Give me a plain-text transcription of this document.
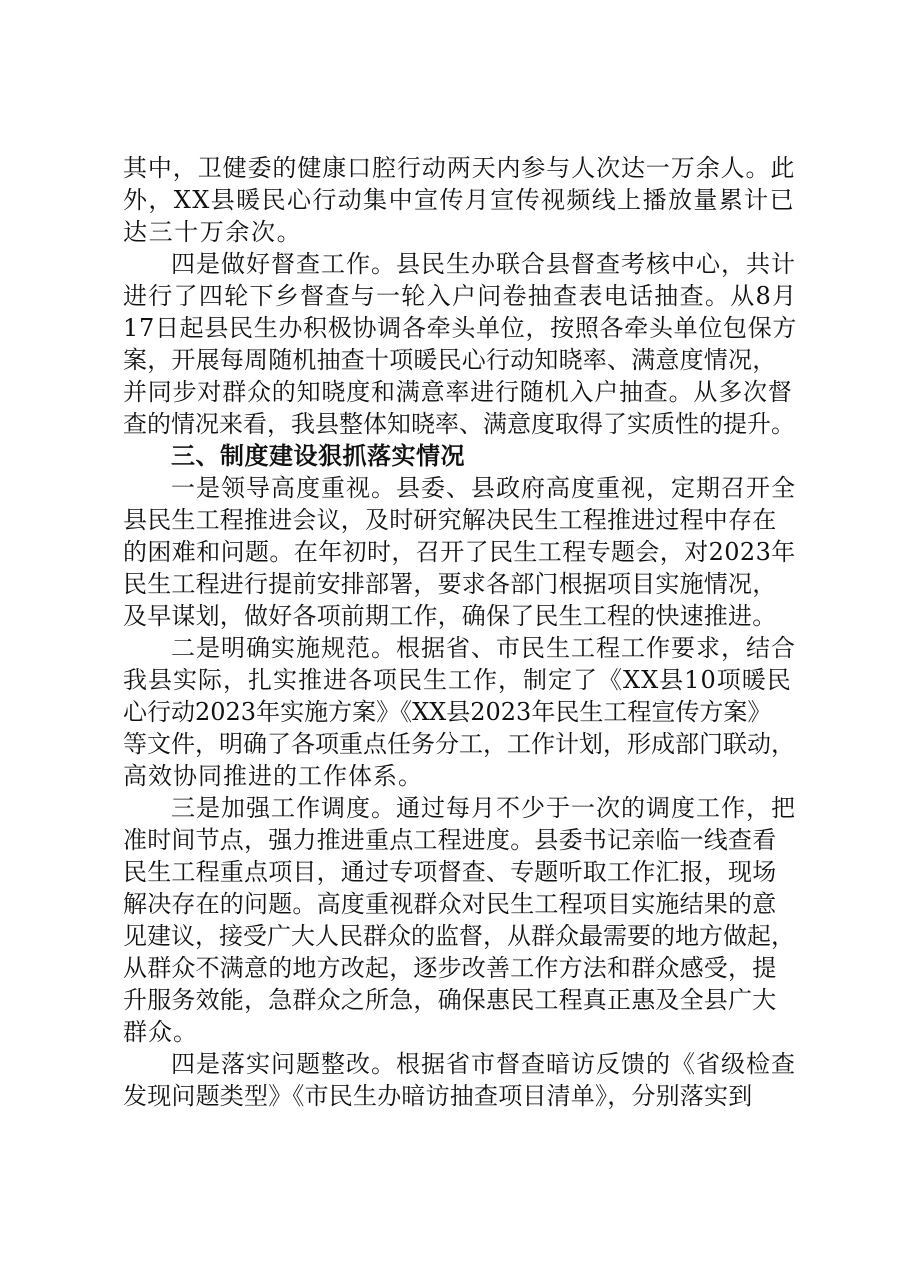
其中，卫健委的健康口腔行动两天内参与人次达一万余人。此
外，XX县暖民心行动集中宣传月宣传视频线上播放量累计已
达三十万余次。
四是做好督查工作。县民生办联合县督查考核中心，共计
进行了四轮下乡督查与一轮入户问卷抽查表电话抽查。从8月
17日起县民生办积极协调各牵头单位，按照各牵头单位包保方
案，开展每周随机抽查十项暖民心行动知晓率、满意度情况，
并同步对群众的知晓度和满意率进行随机入户抽查。从多次督
查的情况来看，我县整体知晓率、满意度取得了实质性的提升。
三、制度建设狠抓落实情况
一是领导高度重视。县委、县政府高度重视，定期召开全
县民生工程推进会议，及时研究解决民生工程推进过程中存在
的困难和问题。在年初时，召开了民生工程专题会，对2023年
民生工程进行提前安排部署，要求各部门根据项目实施情况，
及早谋划，做好各项前期工作，确保了民生工程的快速推进。
二是明确实施规范。根据省、市民生工程工作要求，结合
我县实际，扎实推进各项民生工作，制定了《XX县10项暖民
心行动2023年实施方案》《XX县2023年民生工程宣传方案》
等文件，明确了各项重点任务分工，工作计划，形成部门联动，
高效协同推进的工作体系。
三是加强工作调度。通过每月不少于一次的调度工作，把
准时间节点，强力推进重点工程进度。县委书记亲临一线查看
民生工程重点项目，通过专项督查、专题听取工作汇报，现场
解决存在的问题。高度重视群众对民生工程项目实施结果的意
见建议，接受广大人民群众的监督，从群众最需要的地方做起，
从群众不满意的地方改起，逐步改善工作方法和群众感受，提
升服务效能，急群众之所急，确保惠民工程真正惠及全县广大
群众。
四是落实问题整改。根据省市督查暗访反馈的《省级检查
发现问题类型》《市民生办暗访抽查项目清单》，分别落实到
